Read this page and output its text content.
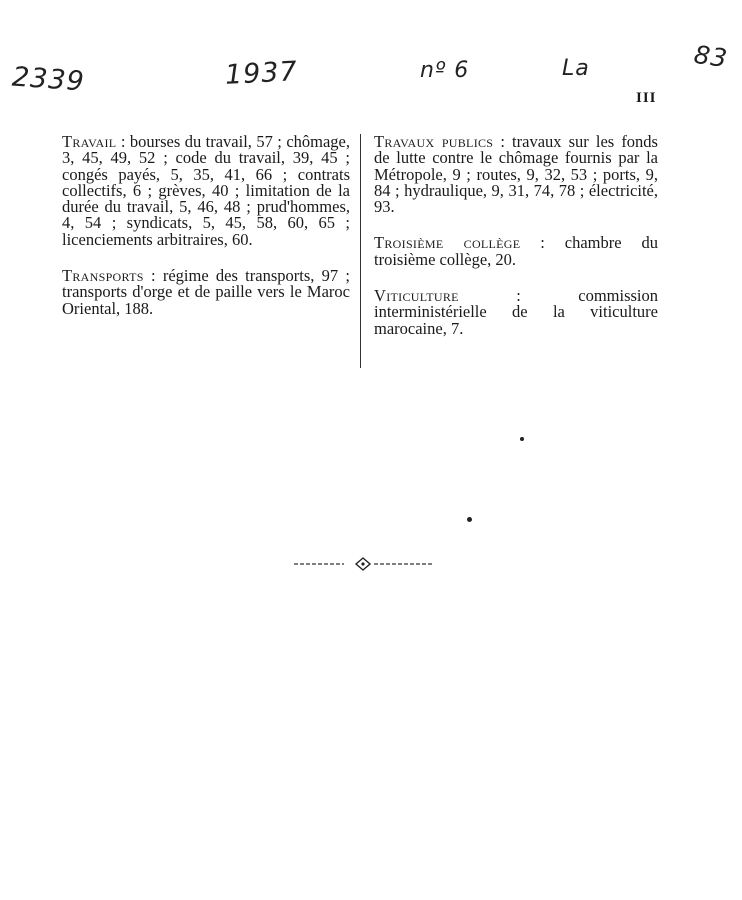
2339	1937	nº 6	La	83
III

Travail : bourses du travail, 57 ; chômage, 3, 45, 49, 52 ; code du travail, 39, 45 ; congés payés, 5, 35, 41, 66 ; contrats collectifs, 6 ; grèves, 40 ; limitation de la durée du travail, 5, 46, 48 ; prud'hommes, 4, 54 ; syndicats, 5, 45, 58, 60, 65 ; licenciements arbitraires, 60.

Transports : régime des transports, 97 ; transports d'orge et de paille vers le Maroc Oriental, 188.

Travaux publics : travaux sur les fonds de lutte contre le chômage fournis par la Métropole, 9 ; routes, 9, 32, 53 ; ports, 9, 84 ; hydraulique, 9, 31, 74, 78 ; électricité, 93.

Troisième collège : chambre du troisième collège, 20.

Viticulture : commission interministérielle de la viticulture marocaine, 7.
